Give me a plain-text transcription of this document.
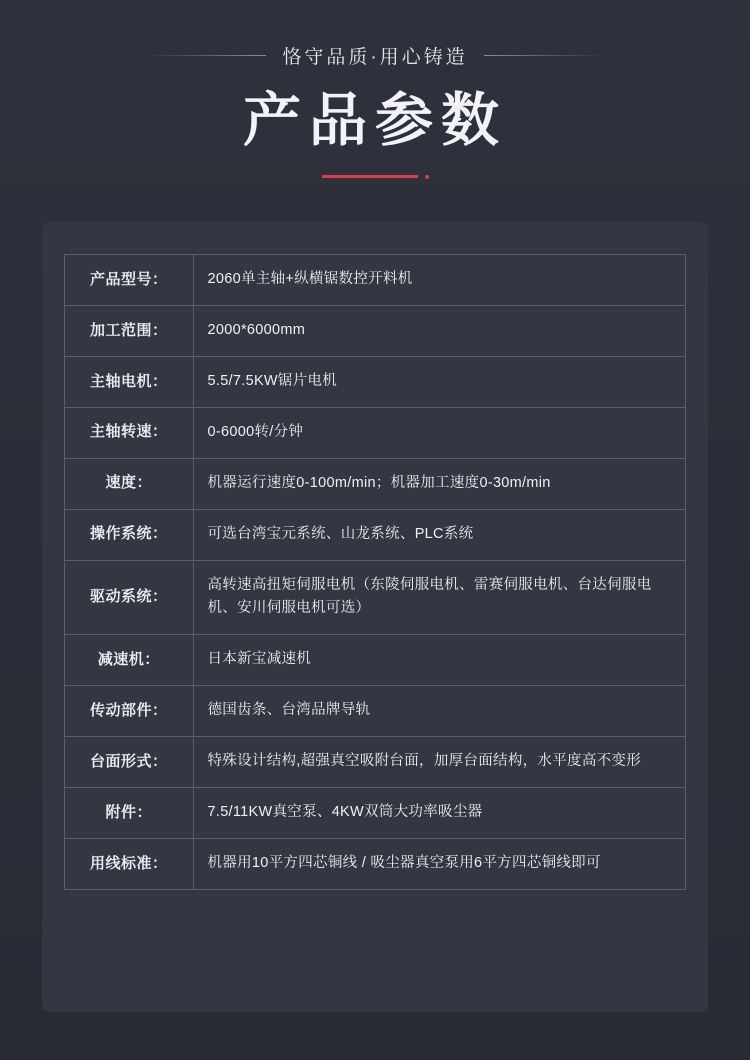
恪守品质·用心铸造
产品参数
产品型号：	2060单主轴+纵横锯数控开料机
加工范围：	2000*6000mm
主轴电机：	5.5/7.5KW锯片电机
主轴转速：	0-6000转/分钟
速度：	机器运行速度0-100m/min；机器加工速度0-30m/min
操作系统：	可选台湾宝元系统、山龙系统、PLC系统
驱动系统：	高转速高扭矩伺服电机（东陵伺服电机、雷赛伺服电机、台达伺服电机、安川伺服电机可选）
减速机：	日本新宝减速机
传动部件：	德国齿条、台湾品牌导轨
台面形式：	特殊设计结构,超强真空吸附台面，加厚台面结构，水平度高不变形
附件：	7.5/11KW真空泵、4KW双筒大功率吸尘器
用线标准：	机器用10平方四芯铜线 / 吸尘器真空泵用6平方四芯铜线即可
